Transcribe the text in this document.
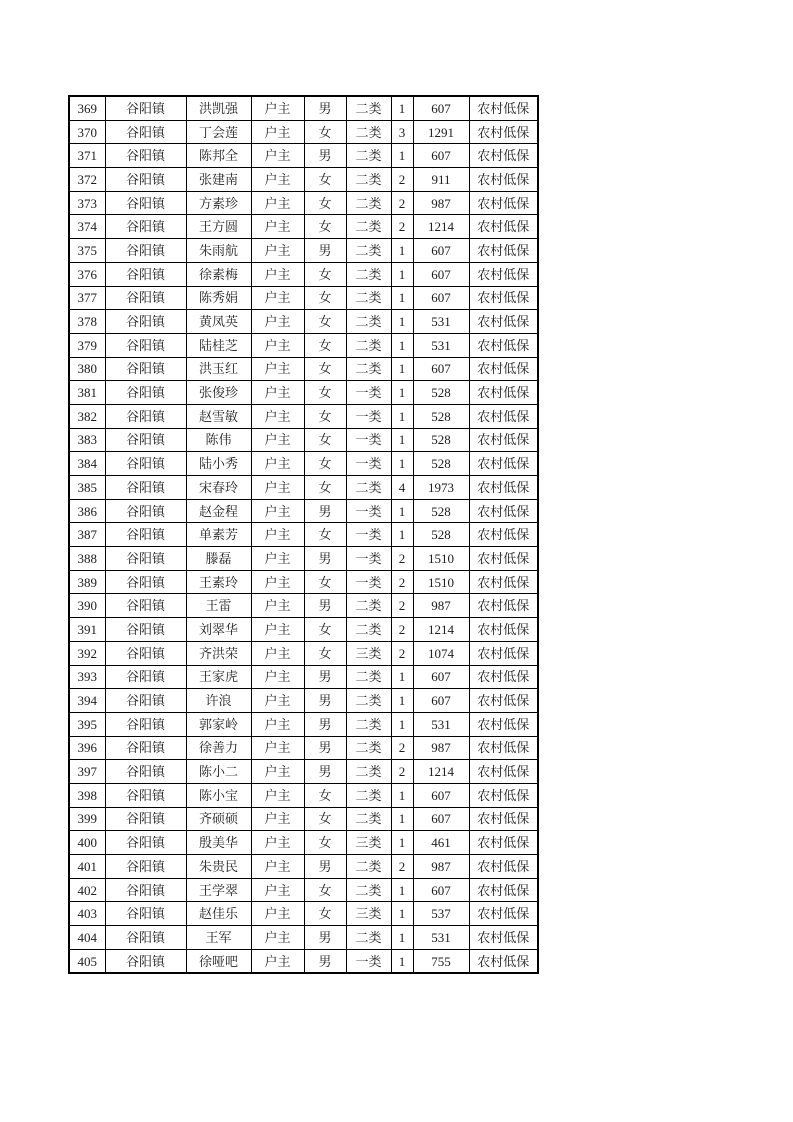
369	谷阳镇	洪凯强	户主	男	二类	1	607	农村低保
370	谷阳镇	丁会莲	户主	女	二类	3	1291	农村低保
371	谷阳镇	陈邦全	户主	男	二类	1	607	农村低保
372	谷阳镇	张建南	户主	女	二类	2	911	农村低保
373	谷阳镇	方素珍	户主	女	二类	2	987	农村低保
374	谷阳镇	王方圆	户主	女	二类	2	1214	农村低保
375	谷阳镇	朱雨航	户主	男	二类	1	607	农村低保
376	谷阳镇	徐素梅	户主	女	二类	1	607	农村低保
377	谷阳镇	陈秀娟	户主	女	二类	1	607	农村低保
378	谷阳镇	黄凤英	户主	女	二类	1	531	农村低保
379	谷阳镇	陆桂芝	户主	女	二类	1	531	农村低保
380	谷阳镇	洪玉红	户主	女	二类	1	607	农村低保
381	谷阳镇	张俊珍	户主	女	一类	1	528	农村低保
382	谷阳镇	赵雪敏	户主	女	一类	1	528	农村低保
383	谷阳镇	陈伟	户主	女	一类	1	528	农村低保
384	谷阳镇	陆小秀	户主	女	一类	1	528	农村低保
385	谷阳镇	宋春玲	户主	女	二类	4	1973	农村低保
386	谷阳镇	赵金程	户主	男	一类	1	528	农村低保
387	谷阳镇	单素芳	户主	女	一类	1	528	农村低保
388	谷阳镇	滕磊	户主	男	一类	2	1510	农村低保
389	谷阳镇	王素玲	户主	女	一类	2	1510	农村低保
390	谷阳镇	王雷	户主	男	二类	2	987	农村低保
391	谷阳镇	刘翠华	户主	女	二类	2	1214	农村低保
392	谷阳镇	齐洪荣	户主	女	三类	2	1074	农村低保
393	谷阳镇	王家虎	户主	男	二类	1	607	农村低保
394	谷阳镇	许浪	户主	男	二类	1	607	农村低保
395	谷阳镇	郭家岭	户主	男	二类	1	531	农村低保
396	谷阳镇	徐善力	户主	男	二类	2	987	农村低保
397	谷阳镇	陈小二	户主	男	二类	2	1214	农村低保
398	谷阳镇	陈小宝	户主	女	二类	1	607	农村低保
399	谷阳镇	齐硕硕	户主	女	二类	1	607	农村低保
400	谷阳镇	殷美华	户主	女	三类	1	461	农村低保
401	谷阳镇	朱贵民	户主	男	二类	2	987	农村低保
402	谷阳镇	王学翠	户主	女	二类	1	607	农村低保
403	谷阳镇	赵佳乐	户主	女	三类	1	537	农村低保
404	谷阳镇	王军	户主	男	二类	1	531	农村低保
405	谷阳镇	徐哑吧	户主	男	一类	1	755	农村低保
